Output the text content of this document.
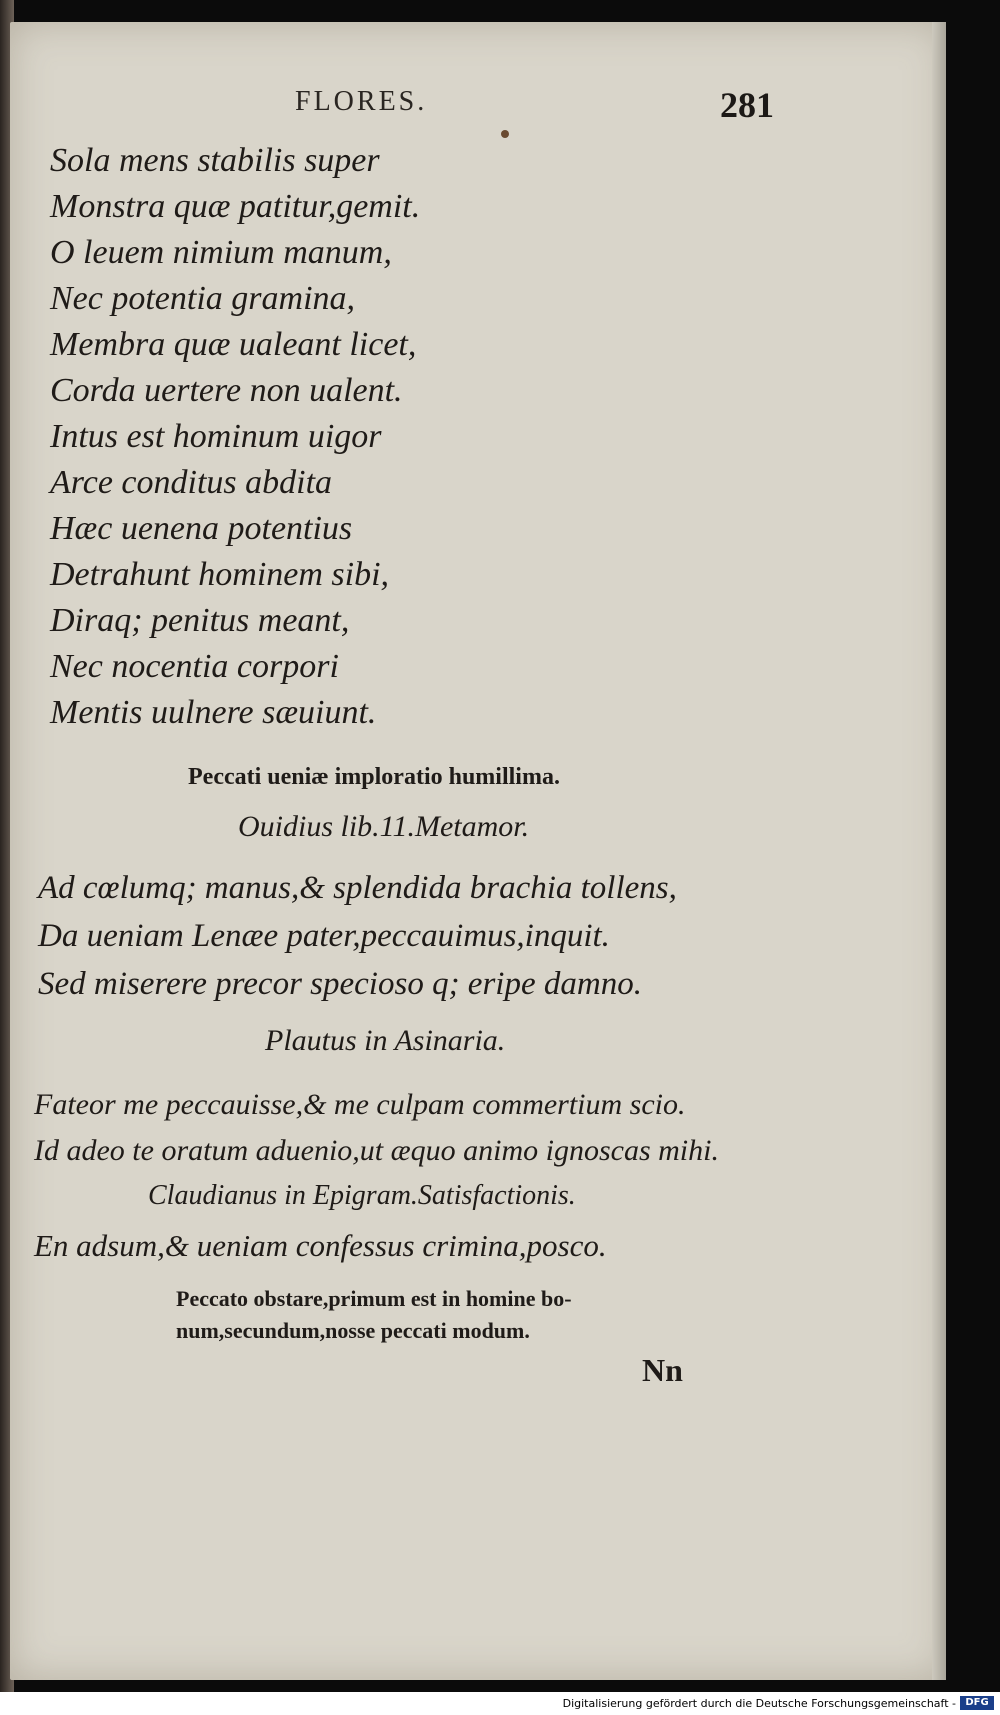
FLORES.	281
Sola mens stabilis super
Monstra quæ patitur,gemit.
O leuem nimium manum,
Nec potentia gramina,
Membra quæ ualeant licet,
Corda uertere non ualent.
Intus est hominum uigor
Arce conditus abdita
Hæc uenena potentius
Detrahunt hominem sibi,
Diraq; penitus meant,
Nec nocentia corpori
Mentis uulnere sæuiunt.
Peccati ueniæ imploratio humillima.
Ouidius lib.11.Metamor.
Ad cœlumq; manus,& splendida brachia tollens,
Da ueniam Lenæe pater,peccauimus,inquit.
Sed miserere precor specioso q; eripe damno.
Plautus in Asinaria.
Fateor me peccauisse,& me culpam commertium scio.
Id adeo te oratum aduenio,ut æquo animo ignoscas mihi.
Claudianus in Epigram.Satisfactionis.
En adsum,& ueniam confessus crimina,posco.
Peccato obstare,primum est in homine bo-
num,secundum,nosse peccati modum.
Nn
Digitalisierung gefördert durch die Deutsche Forschungsgemeinschaft - DFG
